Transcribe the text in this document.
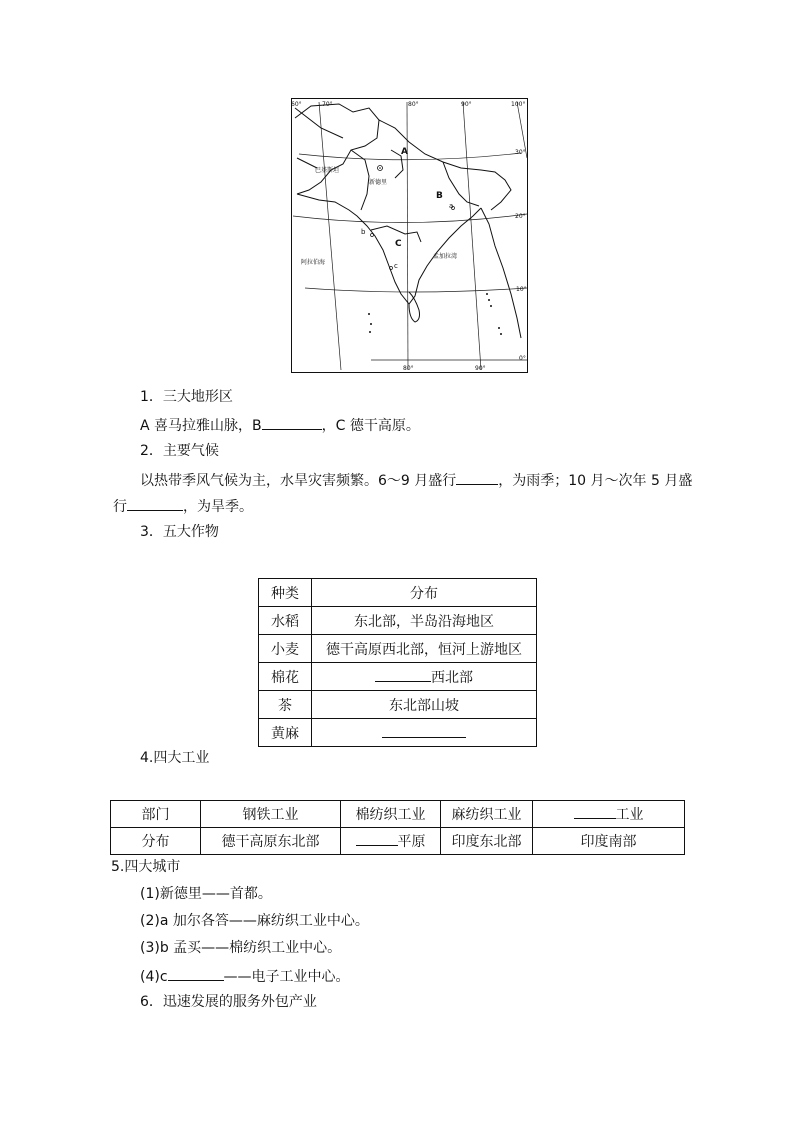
60°	70°	80°	90°	100°
30°
20°
10°
0°
80°	90°
巴基斯坦
新德里
阿拉伯海
孟加拉湾
A
B
C
a
b
c
1．三大地形区
A 喜马拉雅山脉，B	，C 德干高原。
2．主要气候
以热带季风气候为主，水旱灾害频繁。6～9 月盛行	，为雨季；10 月～次年 5 月盛
行	，为旱季。
3．五大作物
种类	分布
水稻	东北部，半岛沿海地区
小麦	德干高原西北部，恒河上游地区
棉花	西北部
茶	东北部山坡
黄麻	
4.四大工业
部门	钢铁工业	棉纺织工业	麻纺织工业	工业
分布	德干高原东北部	平原	印度东北部	印度南部
5.四大城市
(1)新德里——首都。
(2)a 加尔各答——麻纺织工业中心。
(3)b 孟买——棉纺织工业中心。
(4)c	——电子工业中心。
6．迅速发展的服务外包产业
